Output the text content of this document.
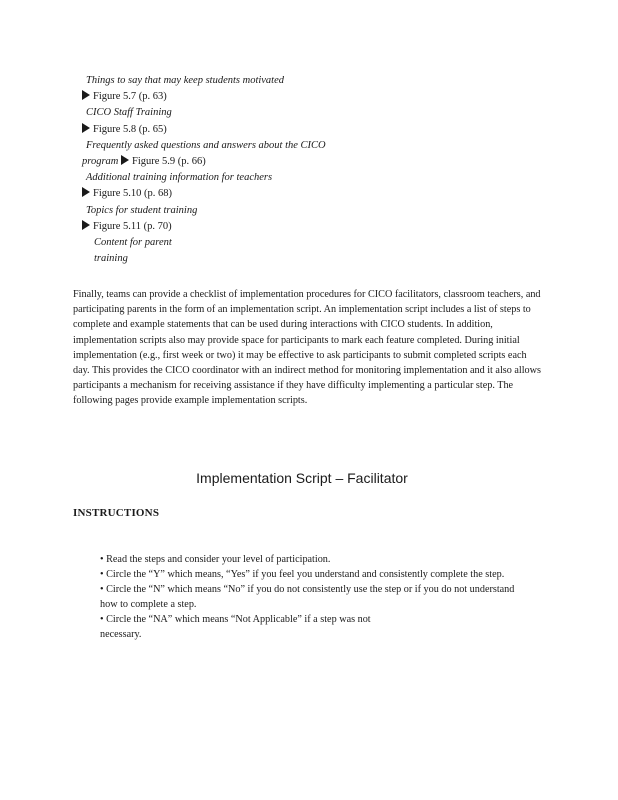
Things to say that may keep students motivated
Figure 5.7 (p. 63)
CICO Staff Training
Figure 5.8 (p. 65)
Frequently asked questions and answers about the CICO
program Figure 5.9 (p. 66)
Additional training information for teachers
Figure 5.10 (p. 68)
Topics for student training
Figure 5.11 (p. 70)
Content for parent training
Finally, teams can provide a checklist of implementation procedures for CICO facilitators, classroom teachers, and participating parents in the form of an implementation script. An implementation script includes a list of steps to complete and example statements that can be used during interactions with CICO students. In addition, implementation scripts also may provide space for participants to mark each feature completed. During initial implementation (e.g., first week or two) it may be effective to ask participants to submit completed scripts each day. This provides the CICO coordinator with an indirect method for monitoring implementation and it also allows participants a mechanism for receiving assistance if they have difficulty implementing a particular step. The following pages provide example implementation scripts.
Implementation Script – Facilitator
INSTRUCTIONS

• Read the steps and consider your level of participation.

• Circle the “Y” which means, “Yes” if you feel you understand and consistently complete the step.

• Circle the “N” which means “No” if you do not consistently use the step or if you do not understand how to complete a step.

• Circle the “NA” which means “Not Applicable” if a step was not necessary.
